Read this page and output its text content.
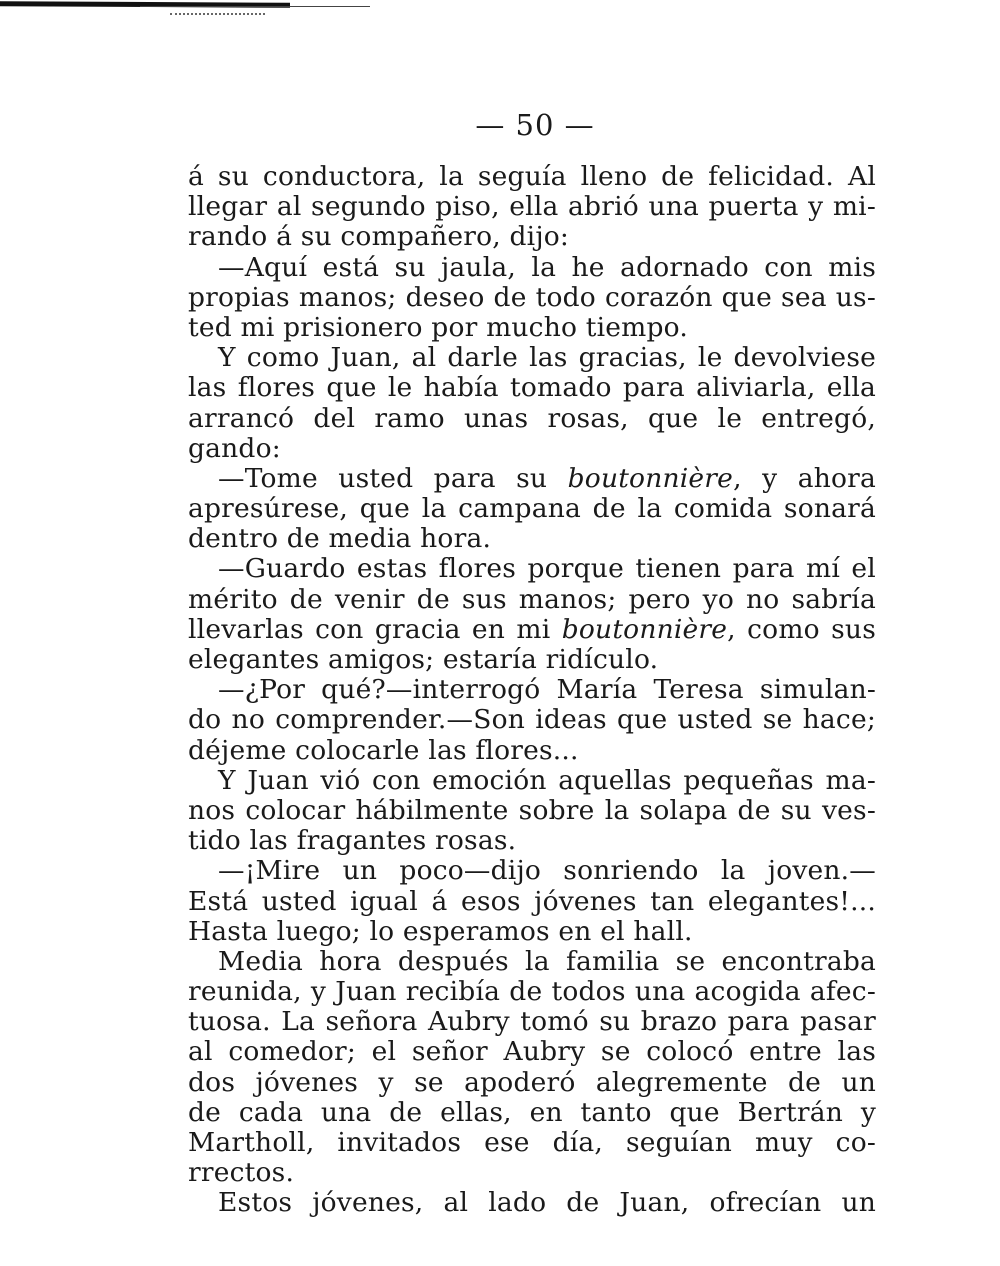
— 50 —
á su conductora, la seguía lleno de felicidad. Al
llegar al segundo piso, ella abrió una puerta y mi-
rando á su compañero, dijo:
—Aquí está su jaula, la he adornado con mis
propias manos; deseo de todo corazón que sea us-
ted mi prisionero por mucho tiempo.
Y como Juan, al darle las gracias, le devolviese
las flores que le había tomado para aliviarla, ella
arrancó del ramo unas rosas, que le entregó,
gando:
—Tome usted para su boutonnière, y ahora
apresúrese, que la campana de la comida sonará
dentro de media hora.
—Guardo estas flores porque tienen para mí el
mérito de venir de sus manos; pero yo no sabría
llevarlas con gracia en mi boutonnière, como sus
elegantes amigos; estaría ridículo.
—¿Por qué?—interrogó María Teresa simulan-
do no comprender.—Son ideas que usted se hace;
déjeme colocarle las flores...
Y Juan vió con emoción aquellas pequeñas ma-
nos colocar hábilmente sobre la solapa de su ves-
tido las fragantes rosas.
—¡Mire un poco—dijo sonriendo la joven.—
Está usted igual á esos jóvenes tan elegantes!...
Hasta luego; lo esperamos en el hall.
Media hora después la familia se encontraba
reunida, y Juan recibía de todos una acogida afec-
tuosa. La señora Aubry tomó su brazo para pasar
al comedor; el señor Aubry se colocó entre las
dos jóvenes y se apoderó alegremente de un
de cada una de ellas, en tanto que Bertrán y
Martholl, invitados ese día, seguían muy co-
rrectos.
Estos jóvenes, al lado de Juan, ofrecían un
